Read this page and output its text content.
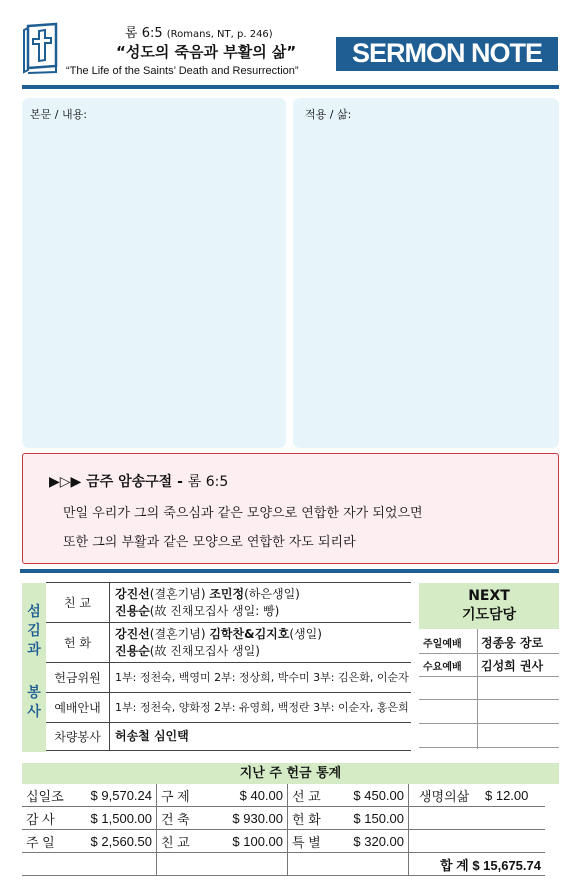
롬 6:5 (Romans, NT, p. 246)
“성도의 죽음과 부활의 삶”
“The Life of the Saints’ Death and Resurrection”
SERMON NOTE
본문 / 내용:	적용 / 삶:
▶▷▶ 금주 암송구절 - 롬 6:5
만일 우리가 그의 죽으심과 같은 모양으로 연합한 자가 되었으면
또한 그의 부활과 같은 모양으로 연합한 자도 되리라
섬
김
과
봉
사
친 교	강진선(결혼기념) 조민정(하은생일)
진용순(故 진채모집사 생일: 빵)

헌 화	강진선(결혼기념) 김학찬&김지호(생일)
진용순(故 진채모집사 생일)

헌금위원	1부: 정천숙, 백영미 2부: 정상희, 박수미 3부: 김은화, 이순자
예배안내	1부: 정천숙, 양화정 2부: 유영희, 백정란 3부: 이순자, 홍은희
차량봉사	허송철 심인택
NEXT
기도담당
주일예배 정종웅 장로
수요예배 김성희 권사
지난 주 헌금 통계
십일조	$ 9,570.24	구 제	$ 40.00	선 교	$ 450.00	생명의삶	$ 12.00
감 사	$ 1,500.00	건 축	$ 930.00	헌 화	$ 150.00		
주 일	$ 2,560.50	친 교	$ 100.00	특 별	$ 320.00		
						합 계 $ 15,675.74	
